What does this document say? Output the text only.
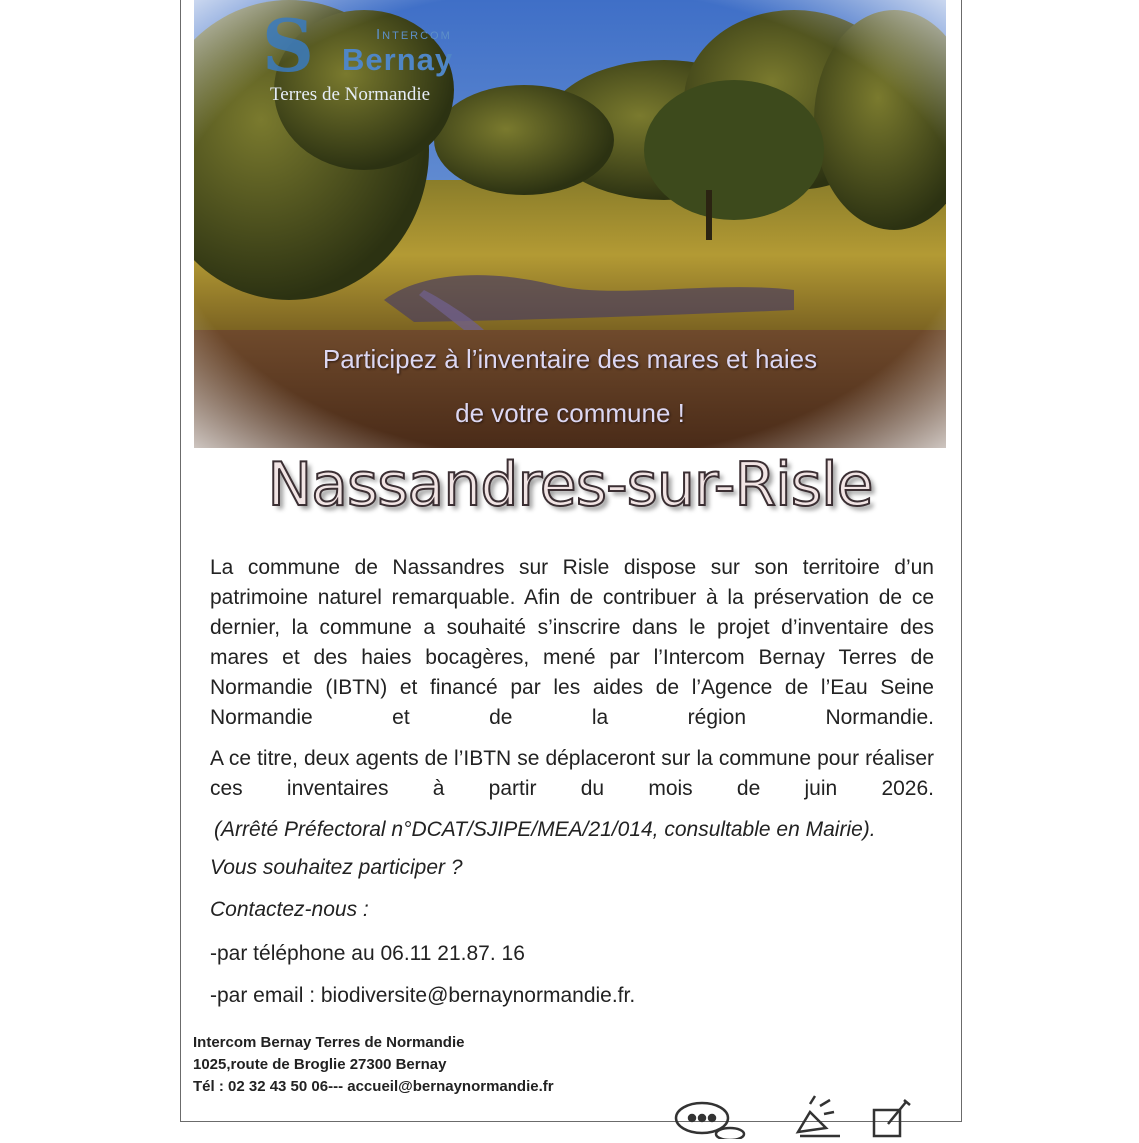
S	Intercom
Bernay
Terres de Normandie
Participez à l’inventaire des mares et haies
de votre commune !
Nassandres-sur-Risle
La commune de Nassandres sur Risle dispose sur son territoire d’un patrimoine naturel remarquable. Afin de contribuer à la préservation de ce dernier, la commune a souhaité s’inscrire dans le projet d’inventaire des mares et des haies bocagères, mené par l’Intercom Bernay Terres de Normandie (IBTN) et financé par les aides de l’Agence de l’Eau Seine Normandie et de la région Normandie.
A ce titre, deux agents de l’IBTN se déplaceront sur la commune pour réaliser ces inventaires à partir du mois de juin 2026.
(Arrêté Préfectoral n°DCAT/SJIPE/MEA/21/014, consultable en Mairie).
Vous souhaitez participer ?
Contactez-nous :
-par téléphone au 06.11 21.87. 16
-par email : biodiversite@bernaynormandie.fr.
Intercom Bernay Terres de Normandie
1025,route de Broglie 27300 Bernay
Tél : 02 32 43 50 06--- accueil@bernaynormandie.fr
